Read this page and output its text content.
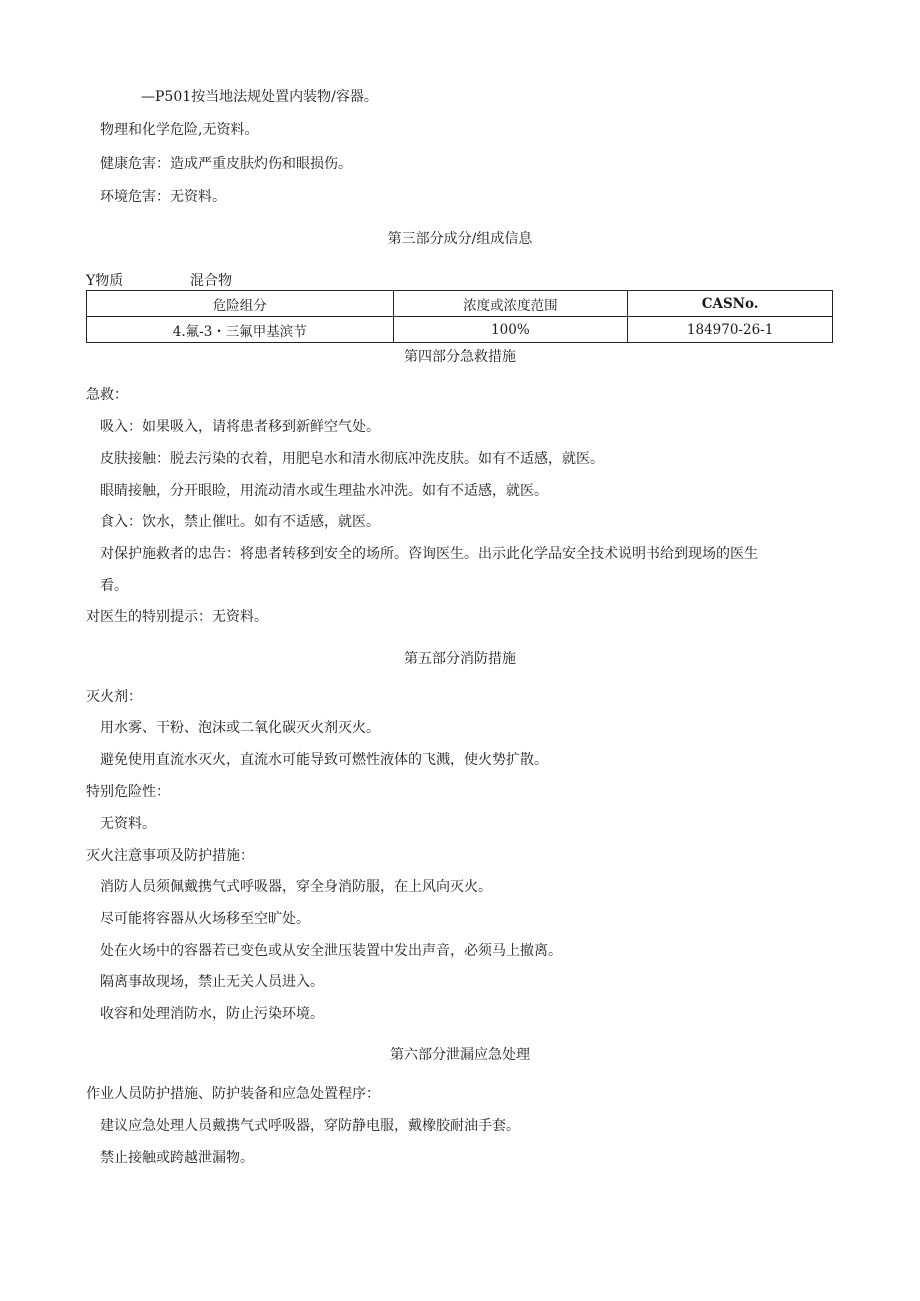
—P501按当地法规处置内装物/容器。
物理和化学危险,无资料。
健康危害：造成严重皮肤灼伤和眼损伤。
环境危害：无资料。
第三部分成分/组成信息
Y物质	混合物
危险组分	浓度或浓度范围	CASNo.
4.氟-3・三氟甲基滨节	100%	184970-26-1
第四部分急救措施
急救：
吸入：如果吸入，请将患者移到新鲜空气处。
皮肤接触：脱去污染的衣着，用肥皂水和清水彻底冲洗皮肤。如有不适感，就医。
眼睛接触，分开眼睑，用流动清水或生理盐水冲洗。如有不适感，就医。
食入：饮水，禁止催吐。如有不适感，就医。
对保护施救者的忠告：将患者转移到安全的场所。咨询医生。出示此化学品安全技术说明书给到现场的医生
看。
对医生的特别提示：无资料。
第五部分消防措施
灭火剂：
用水雾、干粉、泡沫或二氧化碳灭火剂灭火。
避免使用直流水灭火，直流水可能导致可燃性液体的飞溅，使火势扩散。
特别危险性：
无资料。
灭火注意事项及防护措施：
消防人员须佩戴携气式呼吸器，穿全身消防服，在上风向灭火。
尽可能将容器从火场移至空旷处。
处在火场中的容器若已变色或从安全泄压装置中发出声音，必须马上撤离。
隔离事故现场，禁止无关人员进入。
收容和处理消防水，防止污染环境。
第六部分泄漏应急处理
作业人员防护措施、防护装备和应急处置程序：
建议应急处理人员戴携气式呼吸器，穿防静电服，戴橡胶耐油手套。
禁止接触或跨越泄漏物。
